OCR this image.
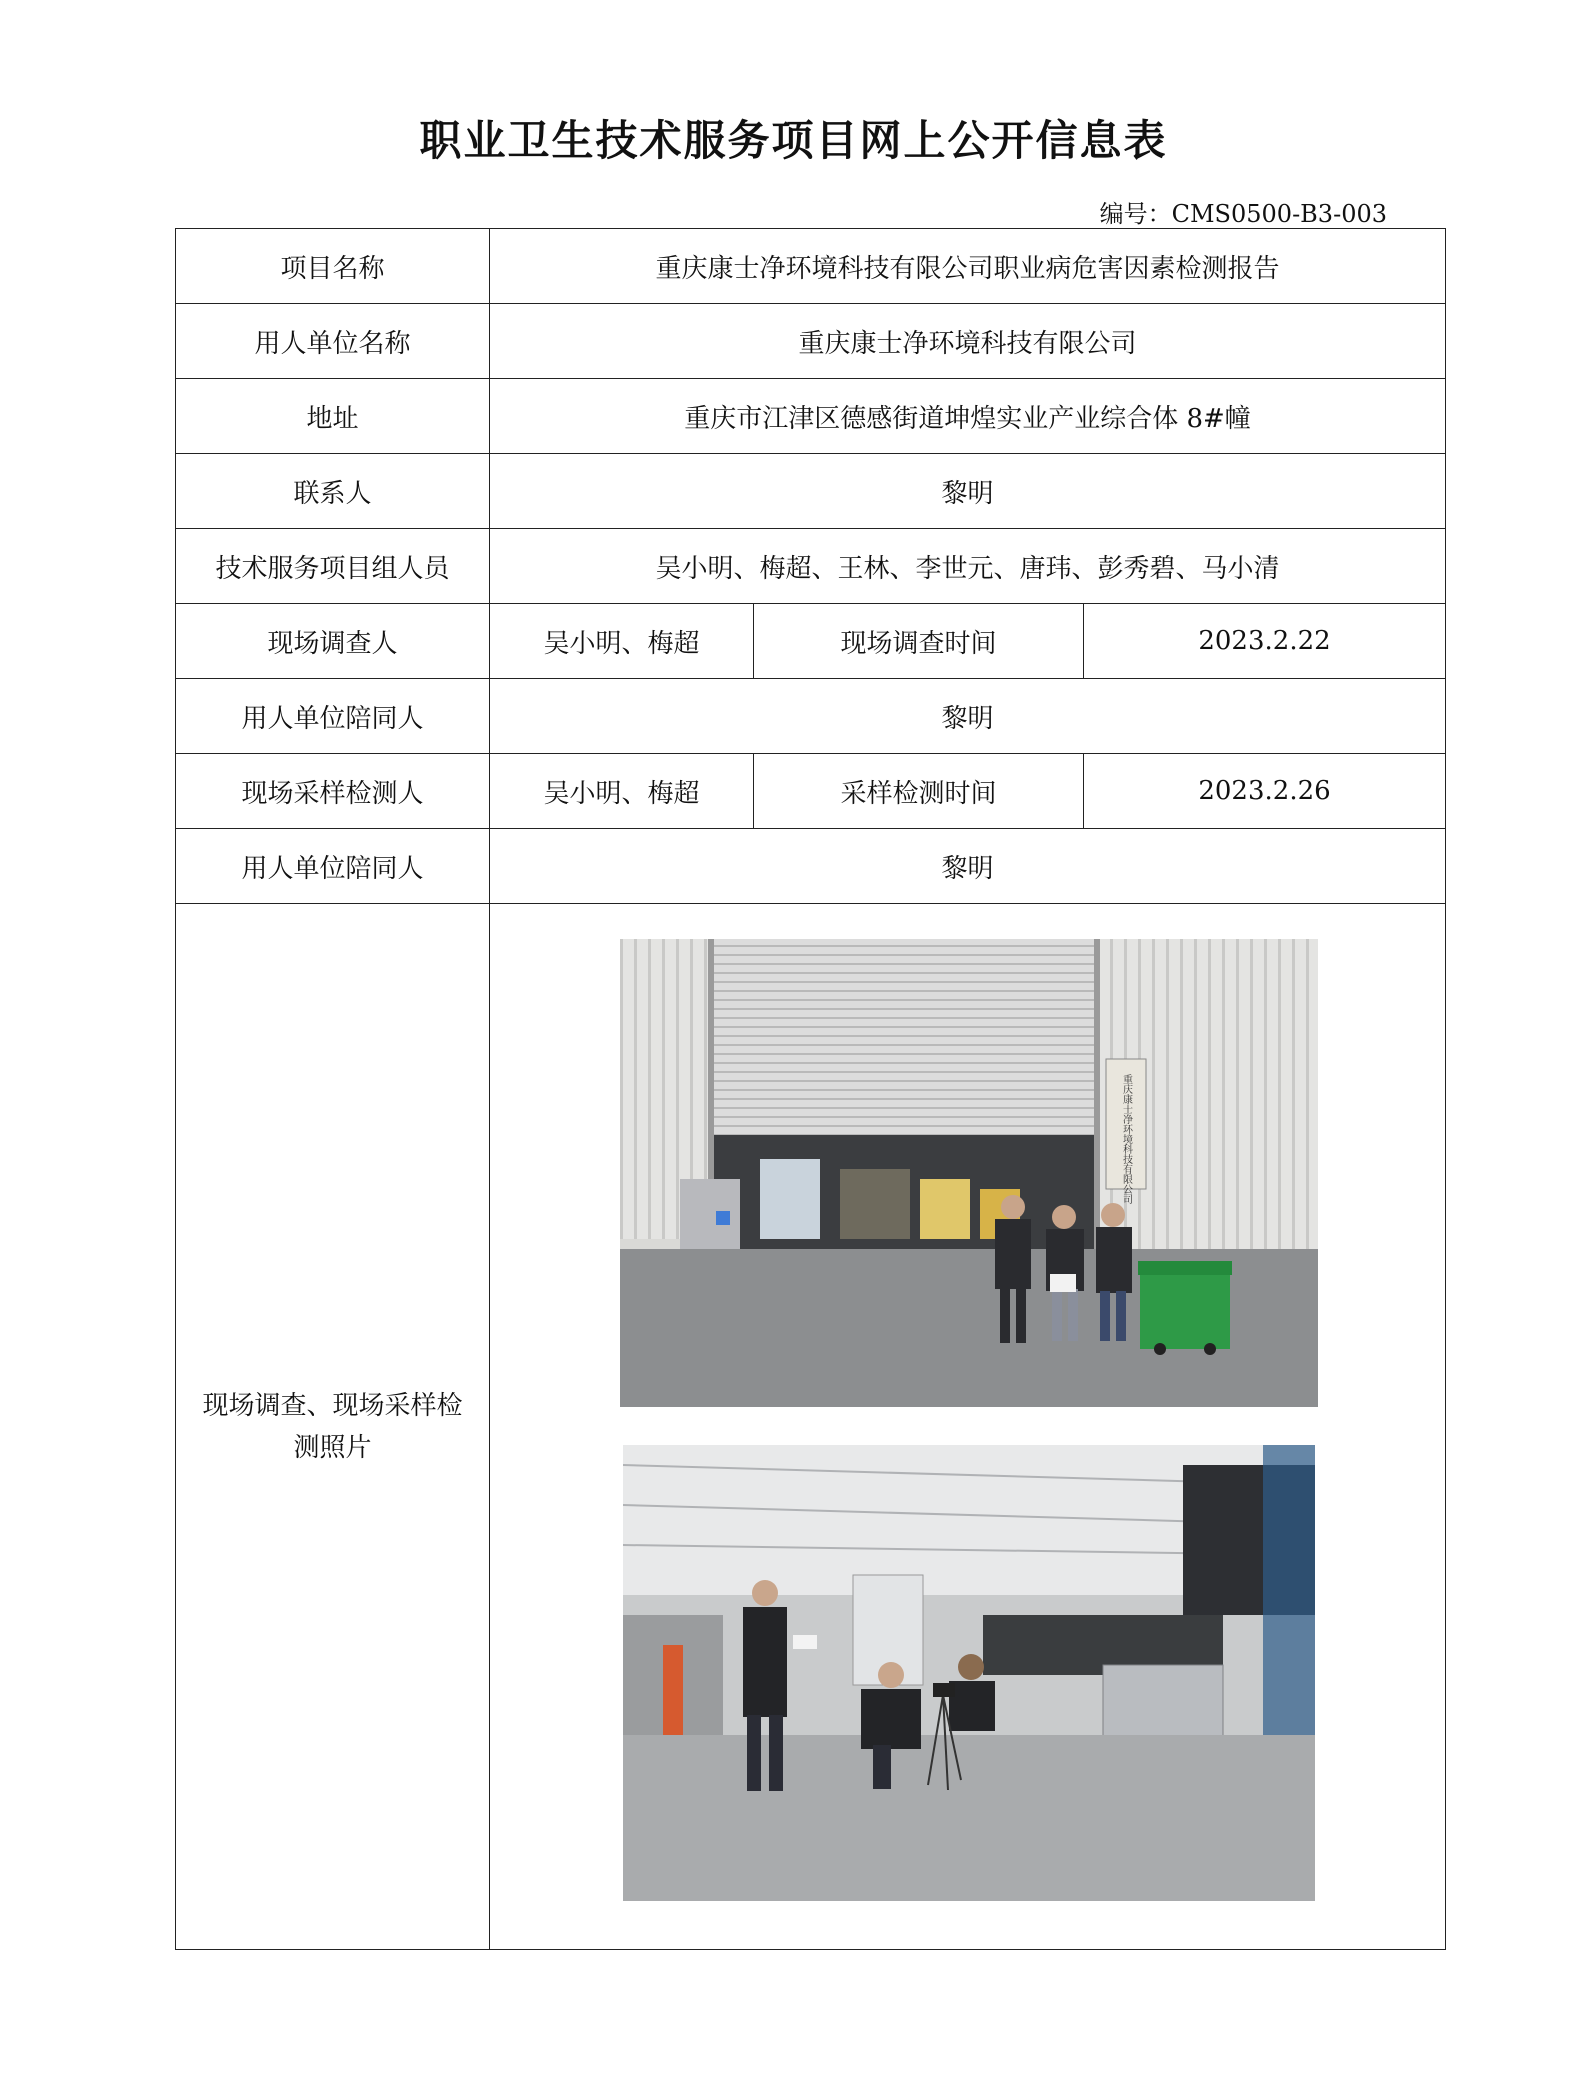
职业卫生技术服务项目网上公开信息表
编号：CMS0500-B3-003
项目名称	重庆康士净环境科技有限公司职业病危害因素检测报告		
用人单位名称	重庆康士净环境科技有限公司		
地址	重庆市江津区德感街道坤煌实业产业综合体 8#幢		
联系人	黎明		
技术服务项目组人员	吴小明、梅超、王林、李世元、唐玮、彭秀碧、马小清		
现场调查人	吴小明、梅超	现场调查时间	2023.2.22
用人单位陪同人	黎明		
现场采样检测人	吴小明、梅超	采样检测时间	2023.2.26
用人单位陪同人	黎明		
现场调查、现场采样检
测照片	重庆康士净环境科技有限公司		
